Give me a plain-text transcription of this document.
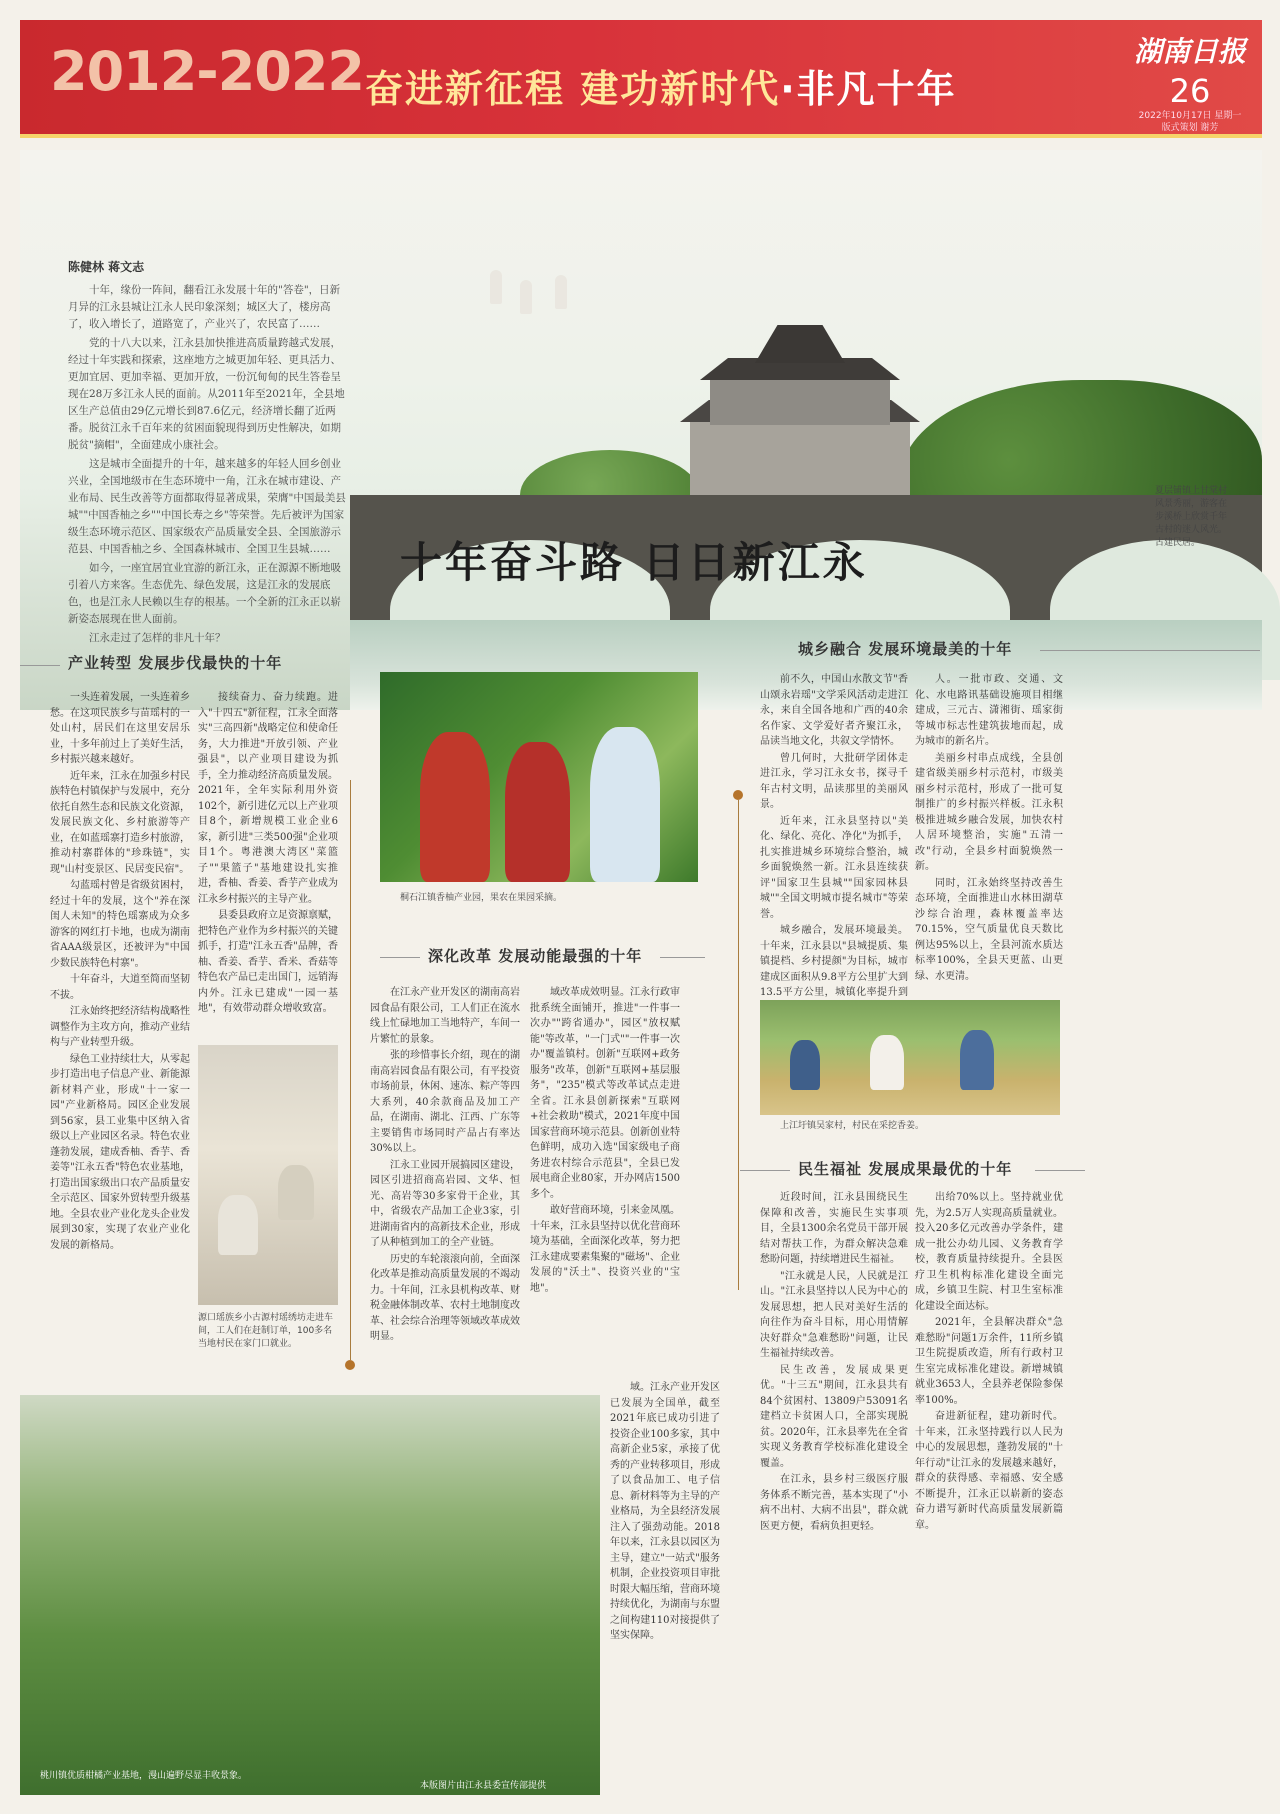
2012-2022 奋进新征程 建功新时代·非凡十年
湖南日报
26
2022年10月17日 星期一
版式策划 谢芳
陈健林 蒋文志

十年，缘份一阵间，翻看江永发展十年的"答卷"，日新月异的江永县城让江永人民印象深刻；城区大了，楼房高了，收入增长了，道路宽了，产业兴了，农民富了……

党的十八大以来，江永县加快推进高质量跨越式发展，经过十年实践和探索，这座地方之城更加年轻、更具活力、更加宜居、更加幸福、更加开放，一份沉甸甸的民生答卷呈现在28万多江永人民的面前。从2011年至2021年，全县地区生产总值由29亿元增长到87.6亿元，经济增长翻了近两番。脱贫江永千百年来的贫困面貌现得到历史性解决，如期脱贫"摘帽"，全面建成小康社会。

这是城市全面提升的十年，越来越多的年轻人回乡创业兴业，全国地级市在生态环境中一角，江永在城市建设、产业布局、民生改善等方面都取得显著成果，荣膺"中国最美县城""中国香柚之乡""中国长寿之乡"等荣誉。先后被评为国家级生态环境示范区、国家级农产品质量安全县、全国旅游示范县、中国香柚之乡、全国森林城市、全国卫生县城……

如今，一座宜居宜业宜游的新江永，正在源源不断地吸引着八方来客。生态优先、绿色发展，这是江永的发展底色，也是江永人民赖以生存的根基。一个全新的江永正以崭新姿态展现在世人面前。

江永走过了怎样的非凡十年？

夏层铺镇上甘棠村风景秀丽，游客在步溪桥上欣赏千年古村的迷人风光。古建民居。
十年奋斗路 日日新江永
产业转型 发展步伐最快的十年

一头连着发展，一头连着乡愁。在这项民族乡与苗瑶村的一处山村，居民们在这里安居乐业，十多年前过上了美好生活，乡村振兴越来越好。

近年来，江永在加强乡村民族特色村镇保护与发展中，充分依托自然生态和民族文化资源，发展民族文化、乡村旅游等产业，在如蓝瑶寨打造乡村旅游，推动村寨群体的"珍珠链"，实现"山村变景区、民居变民宿"。

勾蓝瑶村曾是省级贫困村，经过十年的发展，这个"养在深闺人未知"的特色瑶寨成为众多游客的网红打卡地，也成为湖南省AAA级景区，还被评为"中国少数民族特色村寨"。

十年奋斗，大道至简而坚韧不拔。

江永始终把经济结构战略性调整作为主攻方向，推动产业结构与产业转型升级。

绿色工业持续壮大，从零起步打造出电子信息产业、新能源新材料产业，形成"十一家一园"产业新格局。园区企业发展到56家，县工业集中区纳入省级以上产业园区名录。特色农业蓬勃发展，建成香柚、香芋、香姜等"江永五香"特色农业基地，打造出国家级出口农产品质量安全示范区、国家外贸转型升级基地。全县农业产业化龙头企业发展到30家，实现了农业产业化发展的新格局。

接续奋力、奋力续跑。进入"十四五"新征程，江永全面落实"三高四新"战略定位和使命任务，大力推进"开放引领、产业强县"，以产业项目建设为抓手，全力推动经济高质量发展。2021年，全年实际利用外资102个，新引进亿元以上产业项目8个，新增规模工业企业6家，新引进"三类500强"企业项目1个。粤港澳大湾区"菜篮子""果篮子"基地建设扎实推进，香柚、香姜、香芋产业成为江永乡村振兴的主导产业。

县委县政府立足资源禀赋，把特色产业作为乡村振兴的关键抓手，打造"江永五香"品牌，香柚、香姜、香芋、香米、香菇等特色农产品已走出国门，远销海内外。江永已建成"一园一基地"，有效带动群众增收致富。

源口瑶族乡小古源村瑶绣坊走进车间，工人们在赶制订单，100多名当地村民在家门口就业。
桐石江镇香柚产业园，果农在果园采摘。
深化改革 发展动能最强的十年

在江永产业开发区的湖南高岩园食品有限公司，工人们正在流水线上忙碌地加工当地特产，车间一片繁忙的景象。

张的珍惜事长介绍，现在的湖南高岩园食品有限公司，有平投资市场前景，休闲、速冻、粽产等四大系列，40余款商品及加工产品，在湖南、湖北、江西、广东等主要销售市场同时产品占有率达30%以上。

江永工业园开展搞园区建设，园区引进招商高岩园、文华、恒光、高岩等30多家骨干企业，其中，省级农产品加工企业3家，引进湖南省内的高新技术企业，形成了从种植到加工的全产业链。

历史的车轮滚滚向前，全面深化改革是推动高质量发展的不竭动力。十年间，江永县机构改革、财税金融体制改革、农村土地制度改革、社会综合治理等领域改革成效明显。

域改革成效明显。江永行政审批系统全面铺开，推进"一件事一次办""跨省通办"，园区"放权赋能"等改革，"一门式""一件事一次办"覆盖镇村。创新"互联网+政务服务"改革，创新"互联网+基层服务"，"235"模式等改革试点走进全省。江永县创新探索"互联网+社会救助"模式，2021年度中国国家营商环境示范县。创新创业特色鲜明，成功入选"国家级电子商务进农村综合示范县"，全县已发展电商企业80家，开办网店1500多个。

敢好营商环境，引来金凤凰。十年来，江永县坚持以优化营商环境为基础，全面深化改革，努力把江永建成要素集聚的"磁场"、企业发展的"沃土"、投资兴业的"宝地"。

域。江永产业开发区已发展为全国单，截至2021年底已成功引进了投资企业100多家，其中高新企业5家，承接了优秀的产业转移项目，形成了以食品加工、电子信息、新材料等为主导的产业格局，为全县经济发展注入了强劲动能。2018年以来，江永县以园区为主导，建立"一站式"服务机制，企业投资项目审批时限大幅压缩，营商环境持续优化，为湖南与东盟之间构建110对接提供了坚实保障。

城乡融合 发展环境最美的十年

前不久，中国山水散文节"香山颂永岩瑶"文学采风活动走进江永，来自全国各地和广西的40余名作家、文学爱好者齐聚江永，品读当地文化，共叙文学情怀。

曾几何时，大批研学团体走进江永，学习江永女书，探寻千年古村文明，品读那里的美丽风景。

近年来，江永县坚持以"美化、绿化、亮化、净化"为抓手，扎实推进城乡环境综合整治，城乡面貌焕然一新。江永县连续获评"国家卫生县城""国家园林县城""全国文明城市提名城市"等荣誉。

城乡融合，发展环境最美。十年来，江永县以"县城提质、集镇提档、乡村提颜"为目标，城市建成区面积从9.8平方公里扩大到13.5平方公里，城镇化率提升到

人。一批市政、交通、文化、水电路讯基础设施项目相继建成，三元古、潇湘街、瑶家街等城市标志性建筑拔地而起，成为城市的新名片。

美丽乡村串点成线，全县创建省级美丽乡村示范村，市级美丽乡村示范村，形成了一批可复制推广的乡村振兴样板。江永积极推进城乡融合发展，加快农村人居环境整治，实施"五清一改"行动，全县乡村面貌焕然一新。

同时，江永始终坚持改善生态环境，全面推进山水林田湖草沙综合治理，森林覆盖率达70.15%，空气质量优良天数比例达95%以上，全县河流水质达标率100%，全县天更蓝、山更绿、水更清。

上江圩镇吴家村，村民在采挖香姜。
民生福祉 发展成果最优的十年

近段时间，江永县围绕民生保障和改善，实施民生实事项目，全县1300余名党员干部开展结对帮扶工作，为群众解决急难愁盼问题，持续增进民生福祉。

"江永就是人民，人民就是江山。"江永县坚持以人民为中心的发展思想，把人民对美好生活的向往作为奋斗目标，用心用情解决好群众"急难愁盼"问题，让民生福祉持续改善。

民生改善，发展成果更优。"十三五"期间，江永县共有84个贫困村、13809户53091名建档立卡贫困人口，全部实现脱贫。2020年，江永县率先在全省实现义务教育学校标准化建设全覆盖。

在江永，县乡村三级医疗服务体系不断完善，基本实现了"小病不出村、大病不出县"，群众就医更方便，看病负担更轻。

出给70%以上。坚持就业优先，为2.5万人实现高质量就业。投入20多亿元改善办学条件，建成一批公办幼儿园、义务教育学校，教育质量持续提升。全县医疗卫生机构标准化建设全面完成，乡镇卫生院、村卫生室标准化建设全面达标。

2021年，全县解决群众"急难愁盼"问题1万余件，11所乡镇卫生院提质改造，所有行政村卫生室完成标准化建设。新增城镇就业3653人，全县养老保险参保率100%。

奋进新征程，建功新时代。十年来，江永坚持践行以人民为中心的发展思想，蓬勃发展的"十年行动"让江永的发展越来越好，群众的获得感、幸福感、安全感不断提升，江永正以崭新的姿态奋力谱写新时代高质量发展新篇章。

桃川镇优质柑橘产业基地，漫山遍野尽显丰收景象。
本版图片由江永县委宣传部提供
